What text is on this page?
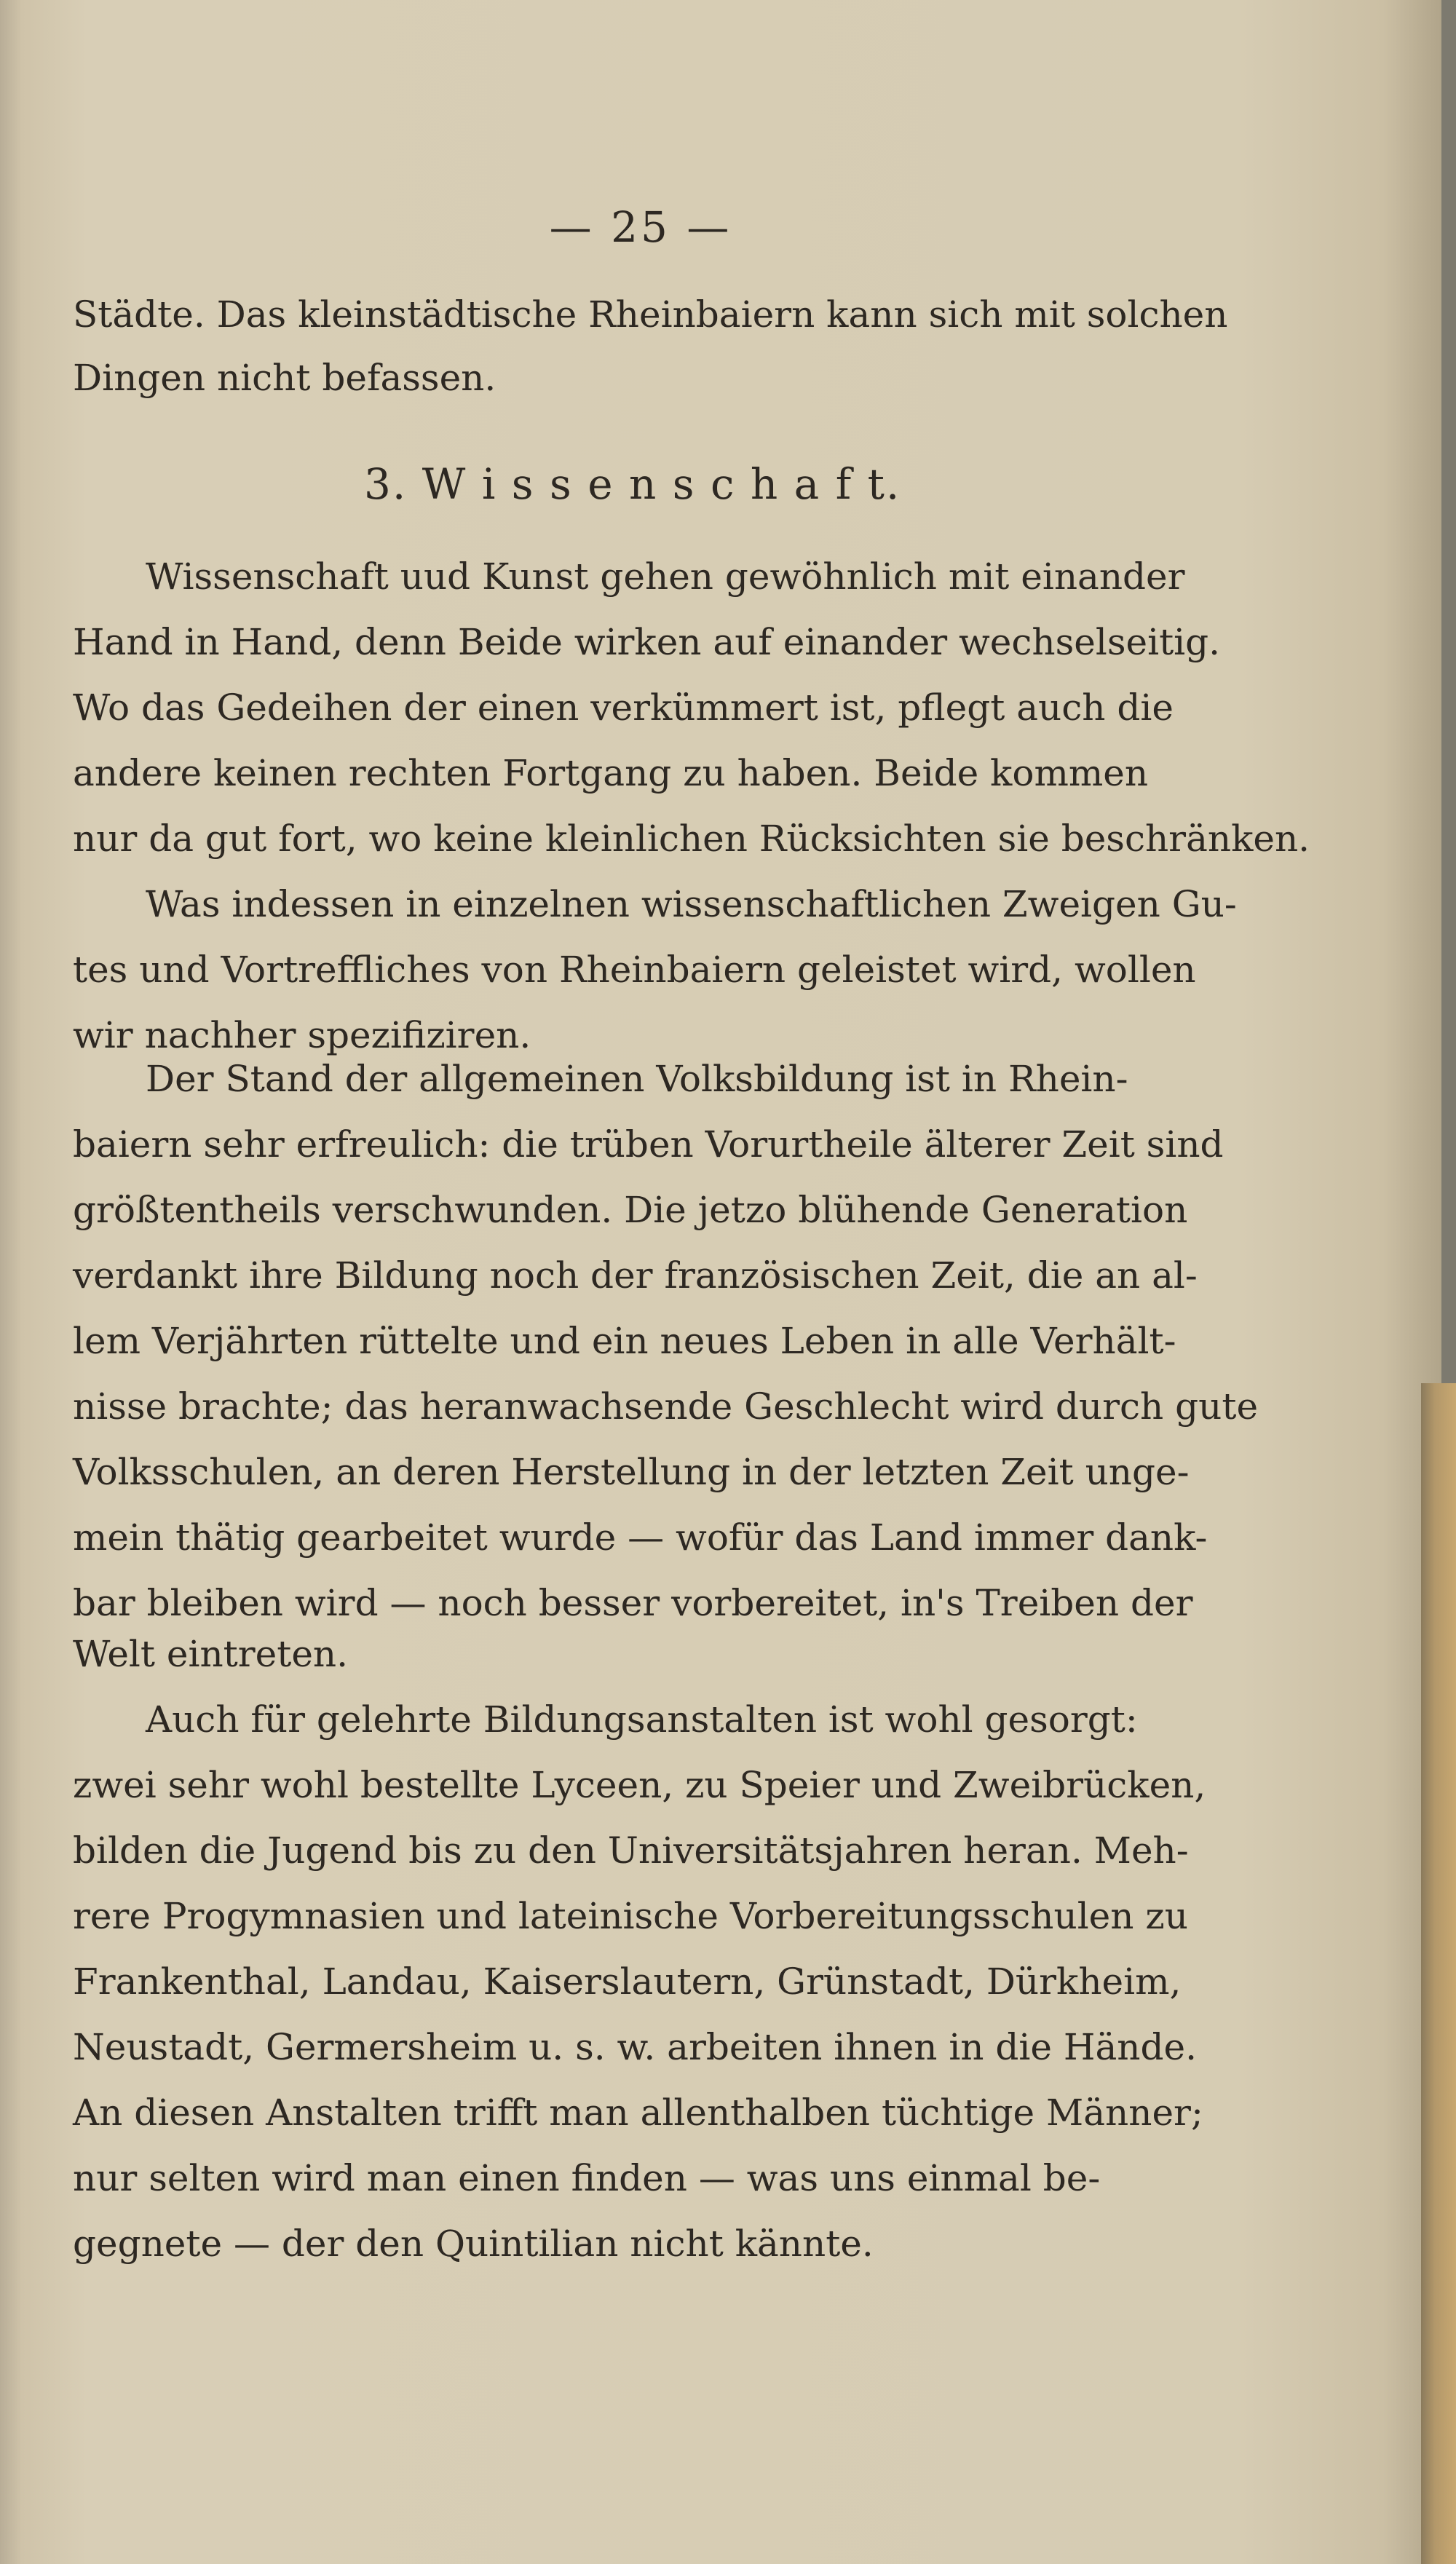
— 25 —
Städte. Das kleinstädtische Rheinbaiern kann sich mit solchen
Dingen nicht befassen.
3. W i s s e n s c h a f t.
Wissenschaft uud Kunst gehen gewöhnlich mit einander
Hand in Hand, denn Beide wirken auf einander wechselseitig.
Wo das Gedeihen der einen verkümmert ist, pflegt auch die
andere keinen rechten Fortgang zu haben. Beide kommen
nur da gut fort, wo keine kleinlichen Rücksichten sie beschränken.
Was indessen in einzelnen wissenschaftlichen Zweigen Gu-
tes und Vortreffliches von Rheinbaiern geleistet wird, wollen
wir nachher spezifiziren.
Der Stand der allgemeinen Volksbildung ist in Rhein-
baiern sehr erfreulich: die trüben Vorurtheile älterer Zeit sind
größtentheils verschwunden. Die jetzo blühende Generation
verdankt ihre Bildung noch der französischen Zeit, die an al-
lem Verjährten rüttelte und ein neues Leben in alle Verhält-
nisse brachte; das heranwachsende Geschlecht wird durch gute
Volksschulen, an deren Herstellung in der letzten Zeit unge-
mein thätig gearbeitet wurde — wofür das Land immer dank-
bar bleiben wird — noch besser vorbereitet, in's Treiben der
Welt eintreten.
Auch für gelehrte Bildungsanstalten ist wohl gesorgt:
zwei sehr wohl bestellte Lyceen, zu Speier und Zweibrücken,
bilden die Jugend bis zu den Universitätsjahren heran. Meh-
rere Progymnasien und lateinische Vorbereitungsschulen zu
Frankenthal, Landau, Kaiserslautern, Grünstadt, Dürkheim,
Neustadt, Germersheim u. s. w. arbeiten ihnen in die Hände.
An diesen Anstalten trifft man allenthalben tüchtige Männer;
nur selten wird man einen finden — was uns einmal be-
gegnete — der den Quintilian nicht kännte.
